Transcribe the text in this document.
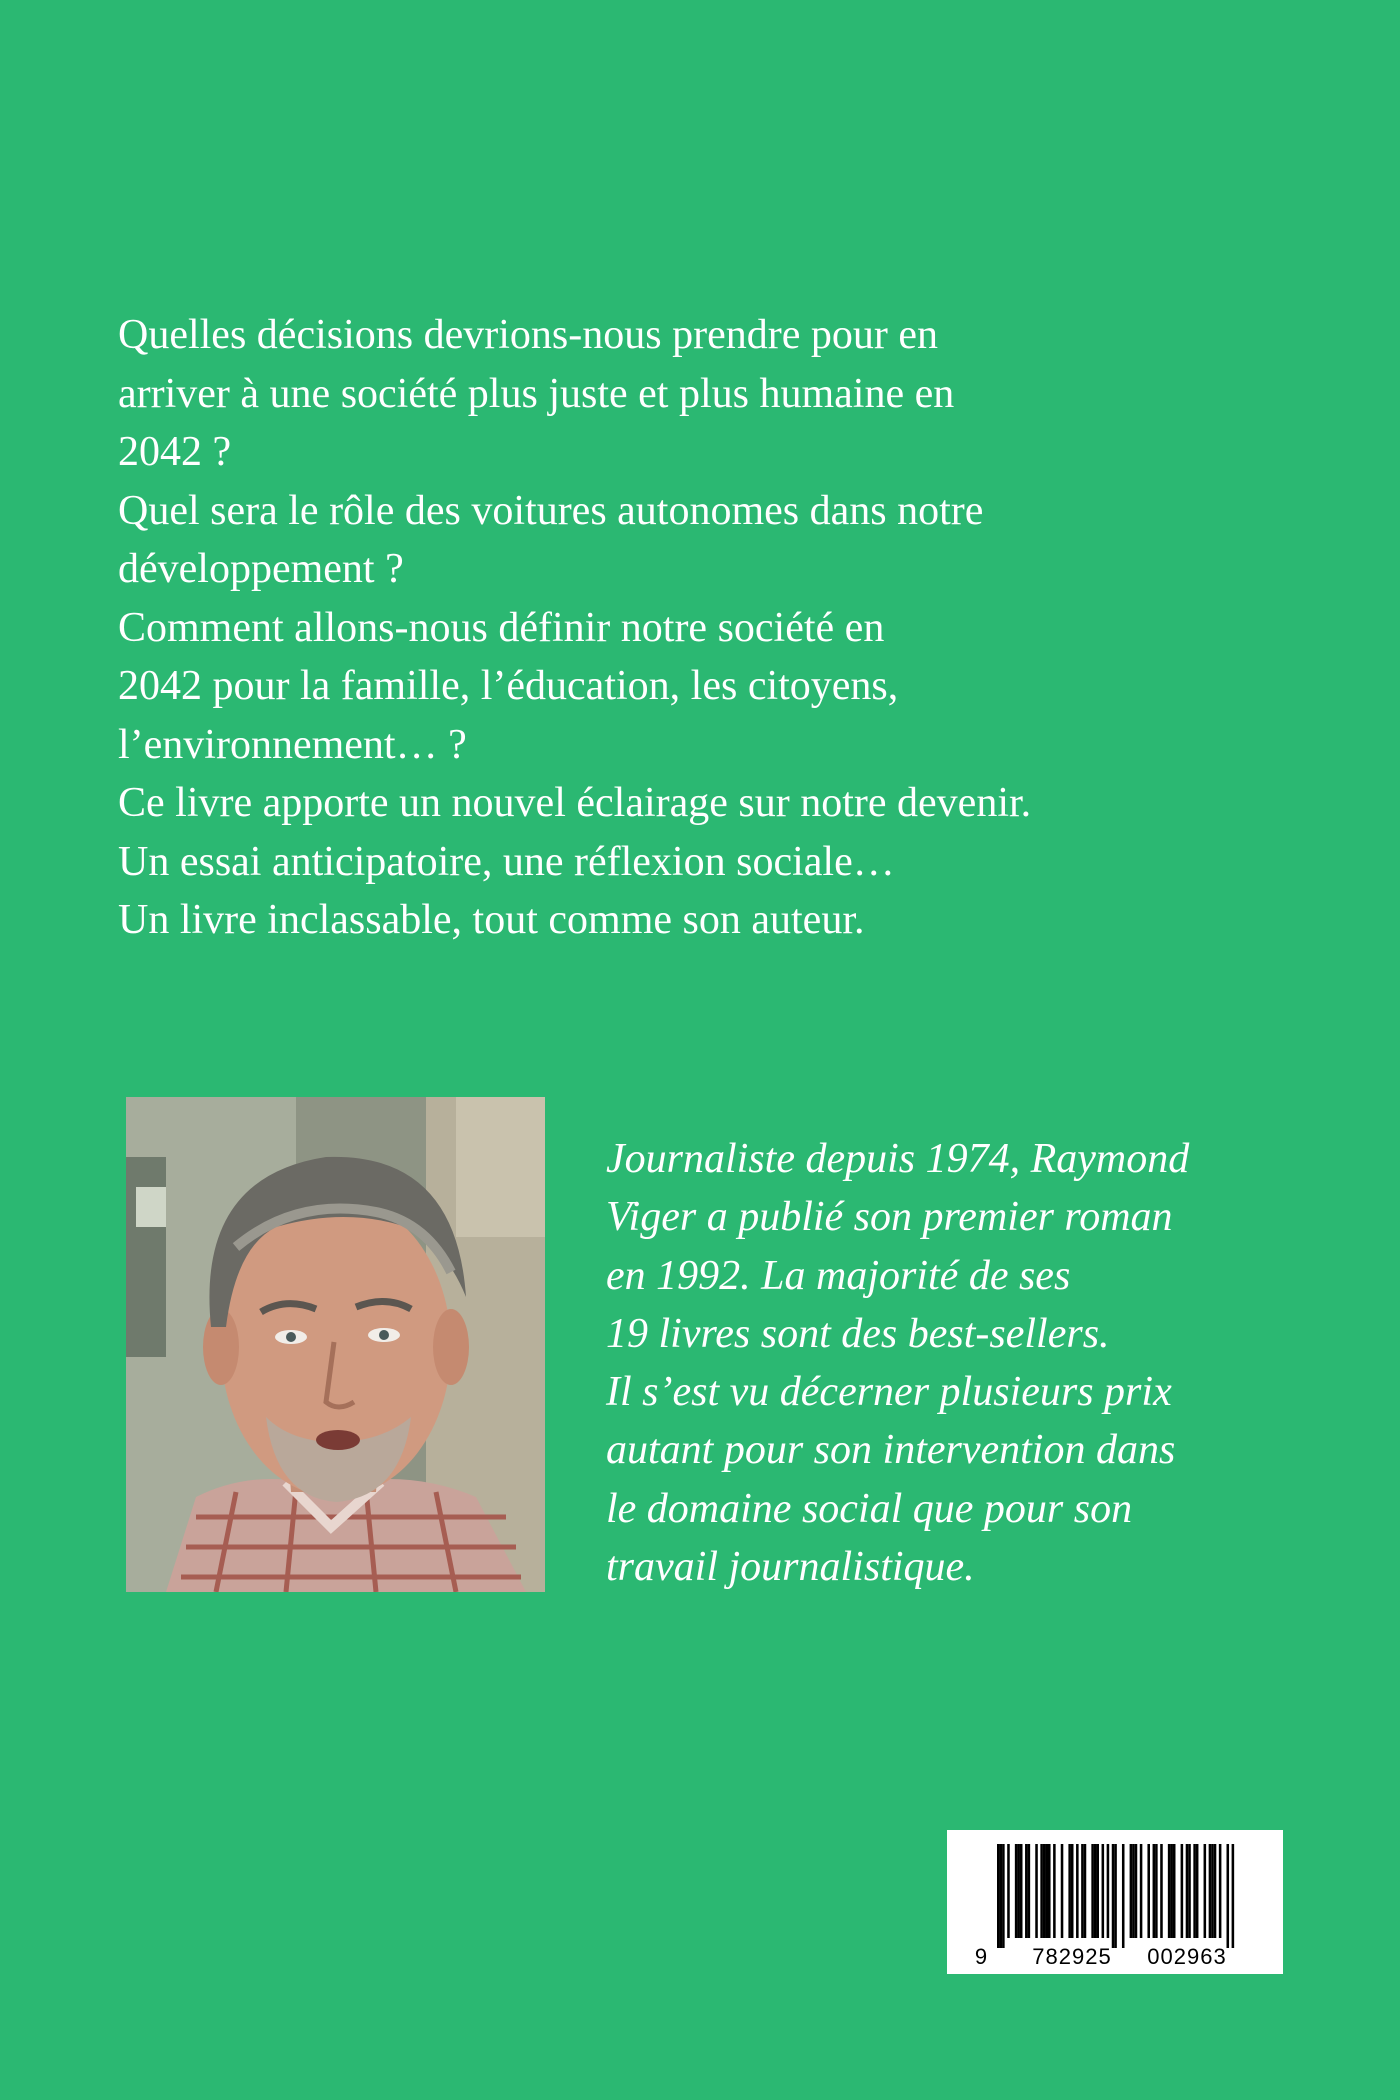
Quelles décisions devrions-nous prendre pour en

arriver à une société plus juste et plus humaine en

2042 ?

Quel sera le rôle des voitures autonomes dans notre

développement ?

Comment allons-nous définir notre société en

2042 pour la famille, l’éducation, les citoyens,

l’environnement… ?

Ce livre apporte un nouvel éclairage sur notre devenir.

Un essai anticipatoire, une réflexion sociale…

Un livre inclassable, tout comme son auteur.

Journaliste depuis 1974, Raymond

Viger a publié son premier roman

en 1992. La majorité de ses

19 livres sont des best-sellers.

Il s’est vu décerner plusieurs prix

autant pour son intervention dans

le domaine social que pour son

travail journalistique.

9 782925 002963
